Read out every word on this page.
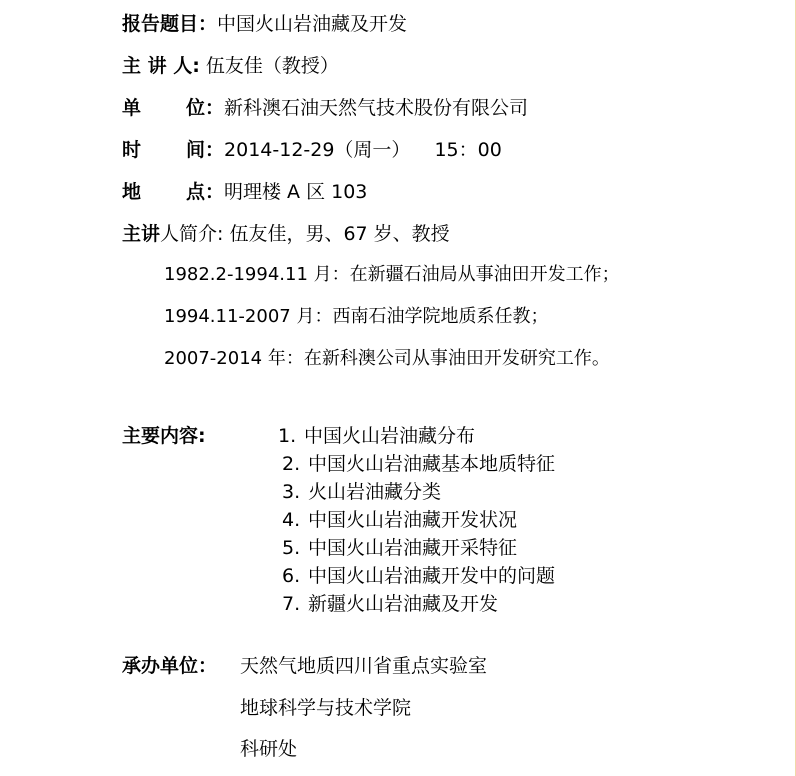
报告题目：中国火山岩油藏及开发
主 讲 人: 伍友佳（教授）
单 位：新科澳石油天然气技术股份有限公司
时 间：2014-12-29（周一） 15：00
地 点：明理楼 A 区 103
主讲人简介: 伍友佳，男、67 岁、教授
1982.2-1994.11 月：在新疆石油局从事油田开发工作；
1994.11-2007 月：西南石油学院地质系任教；
2007-2014 年：在新科澳公司从事油田开发研究工作。
主要内容:	1. 中国火山岩油藏分布
2. 中国火山岩油藏基本地质特征
3. 火山岩油藏分类
4. 中国火山岩油藏开发状况
5. 中国火山岩油藏开采特征
6. 中国火山岩油藏开发中的问题
7. 新疆火山岩油藏及开发
承办单位： 天然气地质四川省重点实验室
地球科学与技术学院
科研处
